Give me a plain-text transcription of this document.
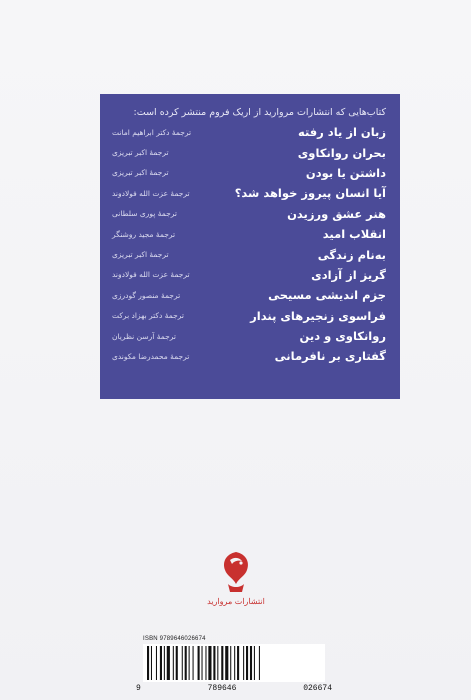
کتاب‌هایی که انتشارات مروارید از اریک فروم منتشر کرده است:

زبان از یاد رفته
ترجمهٔ دکتر ابراهیم امانت
بحران روانکاوی
ترجمهٔ اکبر تبریزی
داشتن یا بودن
ترجمهٔ اکبر تبریزی
آیا انسان پیروز خواهد شد؟
ترجمهٔ عزت الله فولادوند
هنر عشق ورزیدن
ترجمهٔ پوری سلطانی
انقلاب امید
ترجمهٔ مجید روشنگر
به‌نام زندگی
ترجمهٔ اکبر تبریزی
گریز از آزادی
ترجمهٔ عزت الله فولادوند
جزم اندیشی مسیحی
ترجمهٔ منصور گودرزی
فراسوی زنجیرهای پندار
ترجمهٔ دکتر بهزاد برکت
روانکاوی و دین
ترجمهٔ آرسن نظریان
گفتاری بر نافرمانی
ترجمهٔ محمدرضا مکوندی
انتشارات مروارید
ISBN 9789646026674
9	789646	026674
